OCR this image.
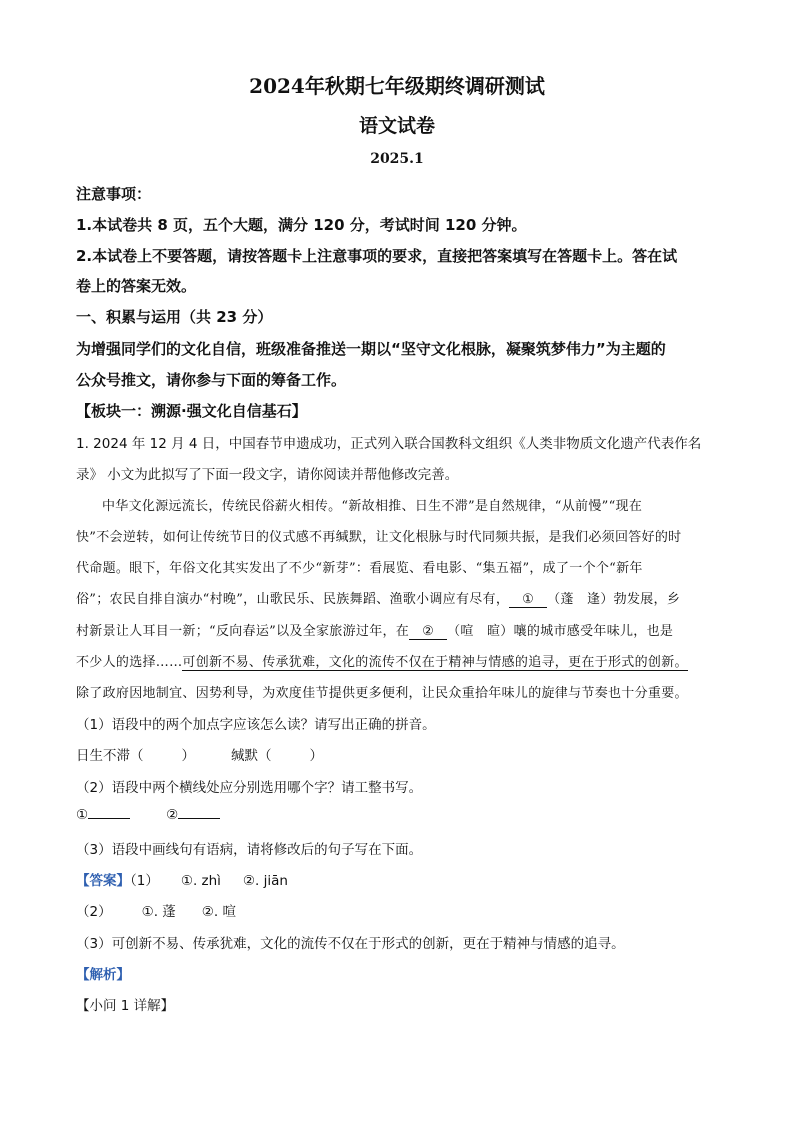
2024年秋期七年级期终调研测试
语文试卷
2025.1
注意事项：
1.本试卷共 8 页，五个大题，满分 120 分，考试时间 120 分钟。
2.本试卷上不要答题，请按答题卡上注意事项的要求，直接把答案填写在答题卡上。答在试
卷上的答案无效。
一、积累与运用（共 23 分）
为增强同学们的文化自信，班级准备推送一期以“坚守文化根脉，凝聚筑梦伟力”为主题的
公众号推文，请你参与下面的筹备工作。
【板块一：溯源·强文化自信基石】
1. 2024 年 12 月 4 日，中国春节申遗成功，正式列入联合国教科文组织《人类非物质文化遗产代表作名
录》 小文为此拟写了下面一段文字，请你阅读并帮他修改完善。
中华文化源远流长，传统民俗薪火相传。“新故相推、日生不滞”是自然规律，“从前慢”“现在
快”不会逆转，如何让传统节日的仪式感不再缄默，让文化根脉与时代同频共振，是我们必须回答好的时
代命题。眼下，年俗文化其实发出了不少“新芽”：看展览、看电影、“集五福”，成了一个个“新年
俗”；农民自排自演办“村晚”，山歌民乐、民族舞蹈、渔歌小调应有尽有， ① （蓬　逢）勃发展，乡
村新景让人耳目一新；“反向春运”以及全家旅游过年，在 ② （喧　暄）嚷的城市感受年味儿，也是
不少人的选择……可创新不易、传承犹难，文化的流传不仅在于精神与情感的追寻，更在于形式的创新。
除了政府因地制宜、因势利导，为欢度佳节提供更多便利，让民众重拾年味儿的旋律与节奏也十分重要。
（1）语段中的两个加点字应该怎么读？请写出正确的拼音。
日生不滞（	）	缄默（	）
（2）语段中两个横线处应分别选用哪个字？请工整书写。
①	②
（3）语段中画线句有语病，请将修改后的句子写在下面。
【答案】（1） ①. zhì ②. jiān
（2） ①. 蓬 ②. 喧
（3）可创新不易、传承犹难，文化的流传不仅在于形式的创新，更在于精神与情感的追寻。
【解析】
【小问 1 详解】
